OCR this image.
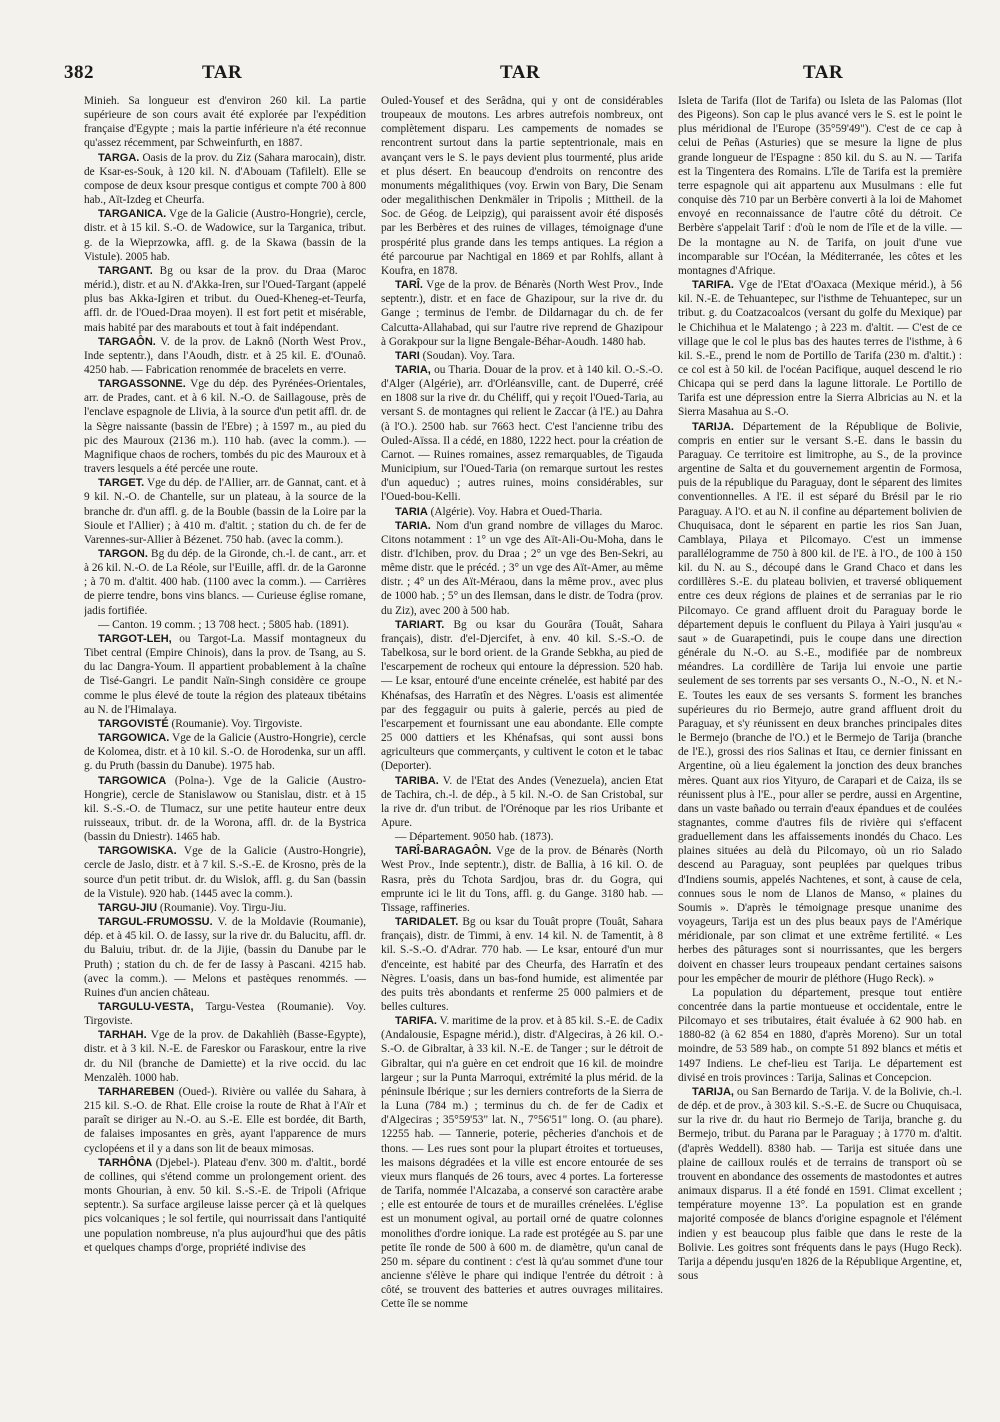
382	TAR	TAR	TAR

Minieh. Sa longueur est d'environ 260 kil. La partie supérieure de son cours avait été explorée par l'expédition française d'Egypte ; mais la partie inférieure n'a été reconnue qu'assez récemment, par Schweinfurth, en 1887.

TARGA. Oasis de la prov. du Ziz (Sahara marocain), distr. de Ksar-es-Souk, à 120 kil. N. d'Abouam (Tafilelt). Elle se compose de deux ksour presque contigus et compte 700 à 800 hab., Aït-Izdeg et Cheurfa.

TARGANICA. Vge de la Galicie (Austro-Hongrie), cercle, distr. et à 15 kil. S.-O. de Wadowice, sur la Targanica, tribut. g. de la Wieprzowka, affl. g. de la Skawa (bassin de la Vistule). 2005 hab.

TARGANT. Bg ou ksar de la prov. du Draa (Maroc mérid.), distr. et au N. d'Akka-Iren, sur l'Oued-Targant (appelé plus bas Akka-Igiren et tribut. du Oued-Kheneg-et-Teurfa, affl. dr. de l'Oued-Draa moyen). Il est fort petit et misérable, mais habité par des marabouts et tout à fait indépendant.

TARGAÔN. V. de la prov. de Laknô (North West Prov., Inde septentr.), dans l'Aoudh, distr. et à 25 kil. E. d'Ounaô. 4250 hab. — Fabrication renommée de bracelets en verre.

TARGASSONNE. Vge du dép. des Pyrénées-Orientales, arr. de Prades, cant. et à 6 kil. N.-O. de Saillagouse, près de l'enclave espagnole de Llivia, à la source d'un petit affl. dr. de la Sègre naissante (bassin de l'Ebre) ; à 1597 m., au pied du pic des Mauroux (2136 m.). 110 hab. (avec la comm.). — Magnifique chaos de rochers, tombés du pic des Mauroux et à travers lesquels a été percée une route.

TARGET. Vge du dép. de l'Allier, arr. de Gannat, cant. et à 9 kil. N.-O. de Chantelle, sur un plateau, à la source de la branche dr. d'un affl. g. de la Bouble (bassin de la Loire par la Sioule et l'Allier) ; à 410 m. d'altit. ; station du ch. de fer de Varennes-sur-Allier à Bézenet. 750 hab. (avec la comm.).

TARGON. Bg du dép. de la Gironde, ch.-l. de cant., arr. et à 26 kil. N.-O. de La Réole, sur l'Euille, affl. dr. de la Garonne ; à 70 m. d'altit. 400 hab. (1100 avec la comm.). — Carrières de pierre tendre, bons vins blancs. — Curieuse église romane, jadis fortifiée.

— Canton. 19 comm. ; 13 708 hect. ; 5805 hab. (1891).

TARGOT-LEH, ou Targot-La. Massif montagneux du Tibet central (Empire Chinois), dans la prov. de Tsang, au S. du lac Dangra-Youm. Il appartient probablement à la chaîne de Tisé-Gangri. Le pandit Naïn-Singh considère ce groupe comme le plus élevé de toute la région des plateaux tibétains au N. de l'Himalaya.

TARGOVISTÉ (Roumanie). Voy. Tirgoviste.

TARGOWICA. Vge de la Galicie (Austro-Hongrie), cercle de Kolomea, distr. et à 10 kil. S.-O. de Horodenka, sur un affl. g. du Pruth (bassin du Danube). 1975 hab.

TARGOWICA (Polna-). Vge de la Galicie (Austro-Hongrie), cercle de Stanislawow ou Stanislau, distr. et à 15 kil. S.-S.-O. de Tlumacz, sur une petite hauteur entre deux ruisseaux, tribut. dr. de la Worona, affl. dr. de la Bystrica (bassin du Dniestr). 1465 hab.

TARGOWISKA. Vge de la Galicie (Austro-Hongrie), cercle de Jaslo, distr. et à 7 kil. S.-S.-E. de Krosno, près de la source d'un petit tribut. dr. du Wislok, affl. g. du San (bassin de la Vistule). 920 hab. (1445 avec la comm.).

TARGU-JIU (Roumanie). Voy. Tirgu-Jiu.

TARGUL-FRUMOSSU. V. de la Moldavie (Roumanie), dép. et à 45 kil. O. de Iassy, sur la rive dr. du Balucitu, affl. dr. du Baluiu, tribut. dr. de la Jijie, (bassin du Danube par le Pruth) ; station du ch. de fer de Iassy à Pascani. 4215 hab. (avec la comm.). — Melons et pastèques renommés. — Ruines d'un ancien château.

TARGULU-VESTA, Targu-Vestea (Roumanie). Voy. Tirgoviste.

TARHAH. Vge de la prov. de Dakahlièh (Basse-Egypte), distr. et à 3 kil. N.-E. de Fareskor ou Faraskour, entre la rive dr. du Nil (branche de Damiette) et la rive occid. du lac Menzalèh. 1000 hab.

TARHAREBEN (Oued-). Rivière ou vallée du Sahara, à 215 kil. S.-O. de Rhat. Elle croise la route de Rhat à l'Aïr et paraît se diriger au N.-O. au S.-E. Elle est bordée, dit Barth, de falaises imposantes en grès, ayant l'apparence de murs cyclopéens et il y a dans son lit de beaux mimosas.

TARHÔNA (Djebel-). Plateau d'env. 300 m. d'altit., bordé de collines, qui s'étend comme un prolongement orient. des monts Ghourian, à env. 50 kil. S.-S.-E. de Tripoli (Afrique septentr.). Sa surface argileuse laisse percer çà et là quelques pics volcaniques ; le sol fertile, qui nourrissait dans l'antiquité une population nombreuse, n'a plus aujourd'hui que des pâtis et quelques champs d'orge, propriété indivise des

Ouled-Yousef et des Serâdna, qui y ont de considérables troupeaux de moutons. Les arbres autrefois nombreux, ont complètement disparu. Les campements de nomades se rencontrent surtout dans la partie septentrionale, mais en avançant vers le S. le pays devient plus tourmenté, plus aride et plus désert. En beaucoup d'endroits on rencontre des monuments mégalithiques (voy. Erwin von Bary, Die Senam oder megalithischen Denkmäler in Tripolis ; Mittheil. de la Soc. de Géog. de Leipzig), qui paraissent avoir été disposés par les Berbères et des ruines de villages, témoignage d'une prospérité plus grande dans les temps antiques. La région a été parcourue par Nachtigal en 1869 et par Rohlfs, allant à Koufra, en 1878.

TARÎ. Vge de la prov. de Bénarès (North West Prov., Inde septentr.), distr. et en face de Ghazipour, sur la rive dr. du Gange ; terminus de l'embr. de Dildarnagar du ch. de fer Calcutta-Allahabad, qui sur l'autre rive reprend de Ghazipour à Gorakpour sur la ligne Bengale-Béhar-Aoudh. 1480 hab.

TARI (Soudan). Voy. Tara.

TARIA, ou Tharia. Douar de la prov. et à 140 kil. O.-S.-O. d'Alger (Algérie), arr. d'Orléansville, cant. de Duperré, créé en 1808 sur la rive dr. du Chéliff, qui y reçoit l'Oued-Taria, au versant S. de montagnes qui relient le Zaccar (à l'E.) au Dahra (à l'O.). 2500 hab. sur 7663 hect. C'est l'ancienne tribu des Ouled-Aïssa. Il a cédé, en 1880, 1222 hect. pour la création de Carnot. — Ruines romaines, assez remarquables, de Tigauda Municipium, sur l'Oued-Taria (on remarque surtout les restes d'un aqueduc) ; autres ruines, moins considérables, sur l'Oued-bou-Kelli.

TARIA (Algérie). Voy. Habra et Oued-Tharia.

TARIA. Nom d'un grand nombre de villages du Maroc. Citons notamment : 1° un vge des Aït-Ali-Ou-Moha, dans le distr. d'Ichiben, prov. du Draa ; 2° un vge des Ben-Sekri, au même distr. que le précéd. ; 3° un vge des Aït-Amer, au même distr. ; 4° un des Aït-Méraou, dans la même prov., avec plus de 1000 hab. ; 5° un des Ilemsan, dans le distr. de Todra (prov. du Ziz), avec 200 à 500 hab.

TARIART. Bg ou ksar du Gourâra (Touât, Sahara français), distr. d'el-Djercifet, à env. 40 kil. S.-S.-O. de Tabelkosa, sur le bord orient. de la Grande Sebkha, au pied de l'escarpement de rocheux qui entoure la dépression. 520 hab. — Le ksar, entouré d'une enceinte crénelée, est habité par des Khénafsas, des Harratîn et des Nègres. L'oasis est alimentée par des feggaguir ou puits à galerie, percés au pied de l'escarpement et fournissant une eau abondante. Elle compte 25 000 dattiers et les Khénafsas, qui sont aussi bons agriculteurs que commerçants, y cultivent le coton et le tabac (Deporter).

TARIBA. V. de l'Etat des Andes (Venezuela), ancien Etat de Tachira, ch.-l. de dép., à 5 kil. N.-O. de San Cristobal, sur la rive dr. d'un tribut. de l'Orénoque par les rios Uribante et Apure.

— Département. 9050 hab. (1873).

TARÎ-BARAGAÔN. Vge de la prov. de Bénarès (North West Prov., Inde septentr.), distr. de Ballia, à 16 kil. O. de Rasra, près du Tchota Sardjou, bras dr. du Gogra, qui emprunte ici le lit du Tons, affl. g. du Gange. 3180 hab. — Tissage, raffineries.

TARIDALET. Bg ou ksar du Touât propre (Touât, Sahara français), distr. de Timmi, à env. 14 kil. N. de Tamentit, à 8 kil. S.-S.-O. d'Adrar. 770 hab. — Le ksar, entouré d'un mur d'enceinte, est habité par des Cheurfa, des Harratîn et des Nègres. L'oasis, dans un bas-fond humide, est alimentée par des puits très abondants et renferme 25 000 palmiers et de belles cultures.

TARIFA. V. maritime de la prov. et à 85 kil. S.-E. de Cadix (Andalousie, Espagne mérid.), distr. d'Algeciras, à 26 kil. O.-S.-O. de Gibraltar, à 33 kil. N.-E. de Tanger ; sur le détroit de Gibraltar, qui n'a guère en cet endroit que 16 kil. de moindre largeur ; sur la Punta Marroqui, extrémité la plus mérid. de la péninsule Ibérique ; sur les derniers contreforts de la Sierra de la Luna (784 m.) ; terminus du ch. de fer de Cadix et d'Algeciras ; 35°59'53" lat. N., 7°56'51" long. O. (au phare). 12255 hab. — Tannerie, poterie, pêcheries d'anchois et de thons. — Les rues sont pour la plupart étroites et tortueuses, les maisons dégradées et la ville est encore entourée de ses vieux murs flanqués de 26 tours, avec 4 portes. La forteresse de Tarifa, nommée l'Alcazaba, a conservé son caractère arabe ; elle est entourée de tours et de murailles crénelées. L'église est un monument ogival, au portail orné de quatre colonnes monolithes d'ordre ionique. La rade est protégée au S. par une petite île ronde de 500 à 600 m. de diamètre, qu'un canal de 250 m. sépare du continent : c'est là qu'au sommet d'une tour ancienne s'élève le phare qui indique l'entrée du détroit : à côté, se trouvent des batteries et autres ouvrages militaires. Cette île se nomme

Isleta de Tarifa (Ilot de Tarifa) ou Isleta de las Palomas (Ilot des Pigeons). Son cap le plus avancé vers le S. est le point le plus méridional de l'Europe (35°59'49"). C'est de ce cap à celui de Peñas (Asturies) que se mesure la ligne de plus grande longueur de l'Espagne : 850 kil. du S. au N. — Tarifa est la Tingentera des Romains. L'île de Tarifa est la première terre espagnole qui ait appartenu aux Musulmans : elle fut conquise dès 710 par un Berbère converti à la loi de Mahomet envoyé en reconnaissance de l'autre côté du détroit. Ce Berbère s'appelait Tarif : d'où le nom de l'île et de la ville. — De la montagne au N. de Tarifa, on jouit d'une vue incomparable sur l'Océan, la Méditerranée, les côtes et les montagnes d'Afrique.

TARIFA. Vge de l'Etat d'Oaxaca (Mexique mérid.), à 56 kil. N.-E. de Tehuantepec, sur l'isthme de Tehuantepec, sur un tribut. g. du Coatzacoalcos (versant du golfe du Mexique) par le Chichihua et le Malatengo ; à 223 m. d'altit. — C'est de ce village que le col le plus bas des hautes terres de l'isthme, à 6 kil. S.-E., prend le nom de Portillo de Tarifa (230 m. d'altit.) : ce col est à 50 kil. de l'océan Pacifique, auquel descend le rio Chicapa qui se perd dans la lagune littorale. Le Portillo de Tarifa est une dépression entre la Sierra Albricias au N. et la Sierra Masahua au S.-O.

TARIJA. Département de la République de Bolivie, compris en entier sur le versant S.-E. dans le bassin du Paraguay. Ce territoire est limitrophe, au S., de la province argentine de Salta et du gouvernement argentin de Formosa, puis de la république du Paraguay, dont le séparent des limites conventionnelles. A l'E. il est séparé du Brésil par le rio Paraguay. A l'O. et au N. il confine au département bolivien de Chuquisaca, dont le séparent en partie les rios San Juan, Camblaya, Pilaya et Pilcomayo. C'est un immense parallélogramme de 750 à 800 kil. de l'E. à l'O., de 100 à 150 kil. du N. au S., découpé dans le Grand Chaco et dans les cordillères S.-E. du plateau bolivien, et traversé obliquement entre ces deux régions de plaines et de serranias par le rio Pilcomayo. Ce grand affluent droit du Paraguay borde le département depuis le confluent du Pilaya à Yairi jusqu'au « saut » de Guarapetindi, puis le coupe dans une direction générale du N.-O. au S.-E., modifiée par de nombreux méandres. La cordillère de Tarija lui envoie une partie seulement de ses torrents par ses versants O., N.-O., N. et N.-E. Toutes les eaux de ses versants S. forment les branches supérieures du rio Bermejo, autre grand affluent droit du Paraguay, et s'y réunissent en deux branches principales dites le Bermejo (branche de l'O.) et le Bermejo de Tarija (branche de l'E.), grossi des rios Salinas et Itau, ce dernier finissant en Argentine, où a lieu également la jonction des deux branches mères. Quant aux rios Yityuro, de Carapari et de Caiza, ils se réunissent plus à l'E., pour aller se perdre, aussi en Argentine, dans un vaste bañado ou terrain d'eaux épandues et de coulées stagnantes, comme d'autres fils de rivière qui s'effacent graduellement dans les affaissements inondés du Chaco. Les plaines situées au delà du Pilcomayo, où un rio Salado descend au Paraguay, sont peuplées par quelques tribus d'Indiens soumis, appelés Nachtenes, et sont, à cause de cela, connues sous le nom de Llanos de Manso, « plaines du Soumis ». D'après le témoignage presque unanime des voyageurs, Tarija est un des plus beaux pays de l'Amérique méridionale, par son climat et une extrême fertilité. « Les herbes des pâturages sont si nourrissantes, que les bergers doivent en chasser leurs troupeaux pendant certaines saisons pour les empêcher de mourir de pléthore (Hugo Reck). »

La population du département, presque tout entière concentrée dans la partie montueuse et occidentale, entre le Pilcomayo et ses tributaires, était évaluée à 62 900 hab. en 1880-82 (à 62 854 en 1880, d'après Moreno). Sur un total moindre, de 53 589 hab., on compte 51 892 blancs et métis et 1497 Indiens. Le chef-lieu est Tarija. Le département est divisé en trois provinces : Tarija, Salinas et Concepcion.

TARIJA, ou San Bernardo de Tarija. V. de la Bolivie, ch.-l. de dép. et de prov., à 303 kil. S.-S.-E. de Sucre ou Chuquisaca, sur la rive dr. du haut rio Bermejo de Tarija, branche g. du Bermejo, tribut. du Parana par le Paraguay ; à 1770 m. d'altit. (d'après Weddell). 8380 hab. — Tarija est située dans une plaine de cailloux roulés et de terrains de transport où se trouvent en abondance des ossements de mastodontes et autres animaux disparus. Il a été fondé en 1591. Climat excellent ; température moyenne 13°. La population est en grande majorité composée de blancs d'origine espagnole et l'élément indien y est beaucoup plus faible que dans le reste de la Bolivie. Les goitres sont fréquents dans le pays (Hugo Reck). Tarija a dépendu jusqu'en 1826 de la République Argentine, et, sous
